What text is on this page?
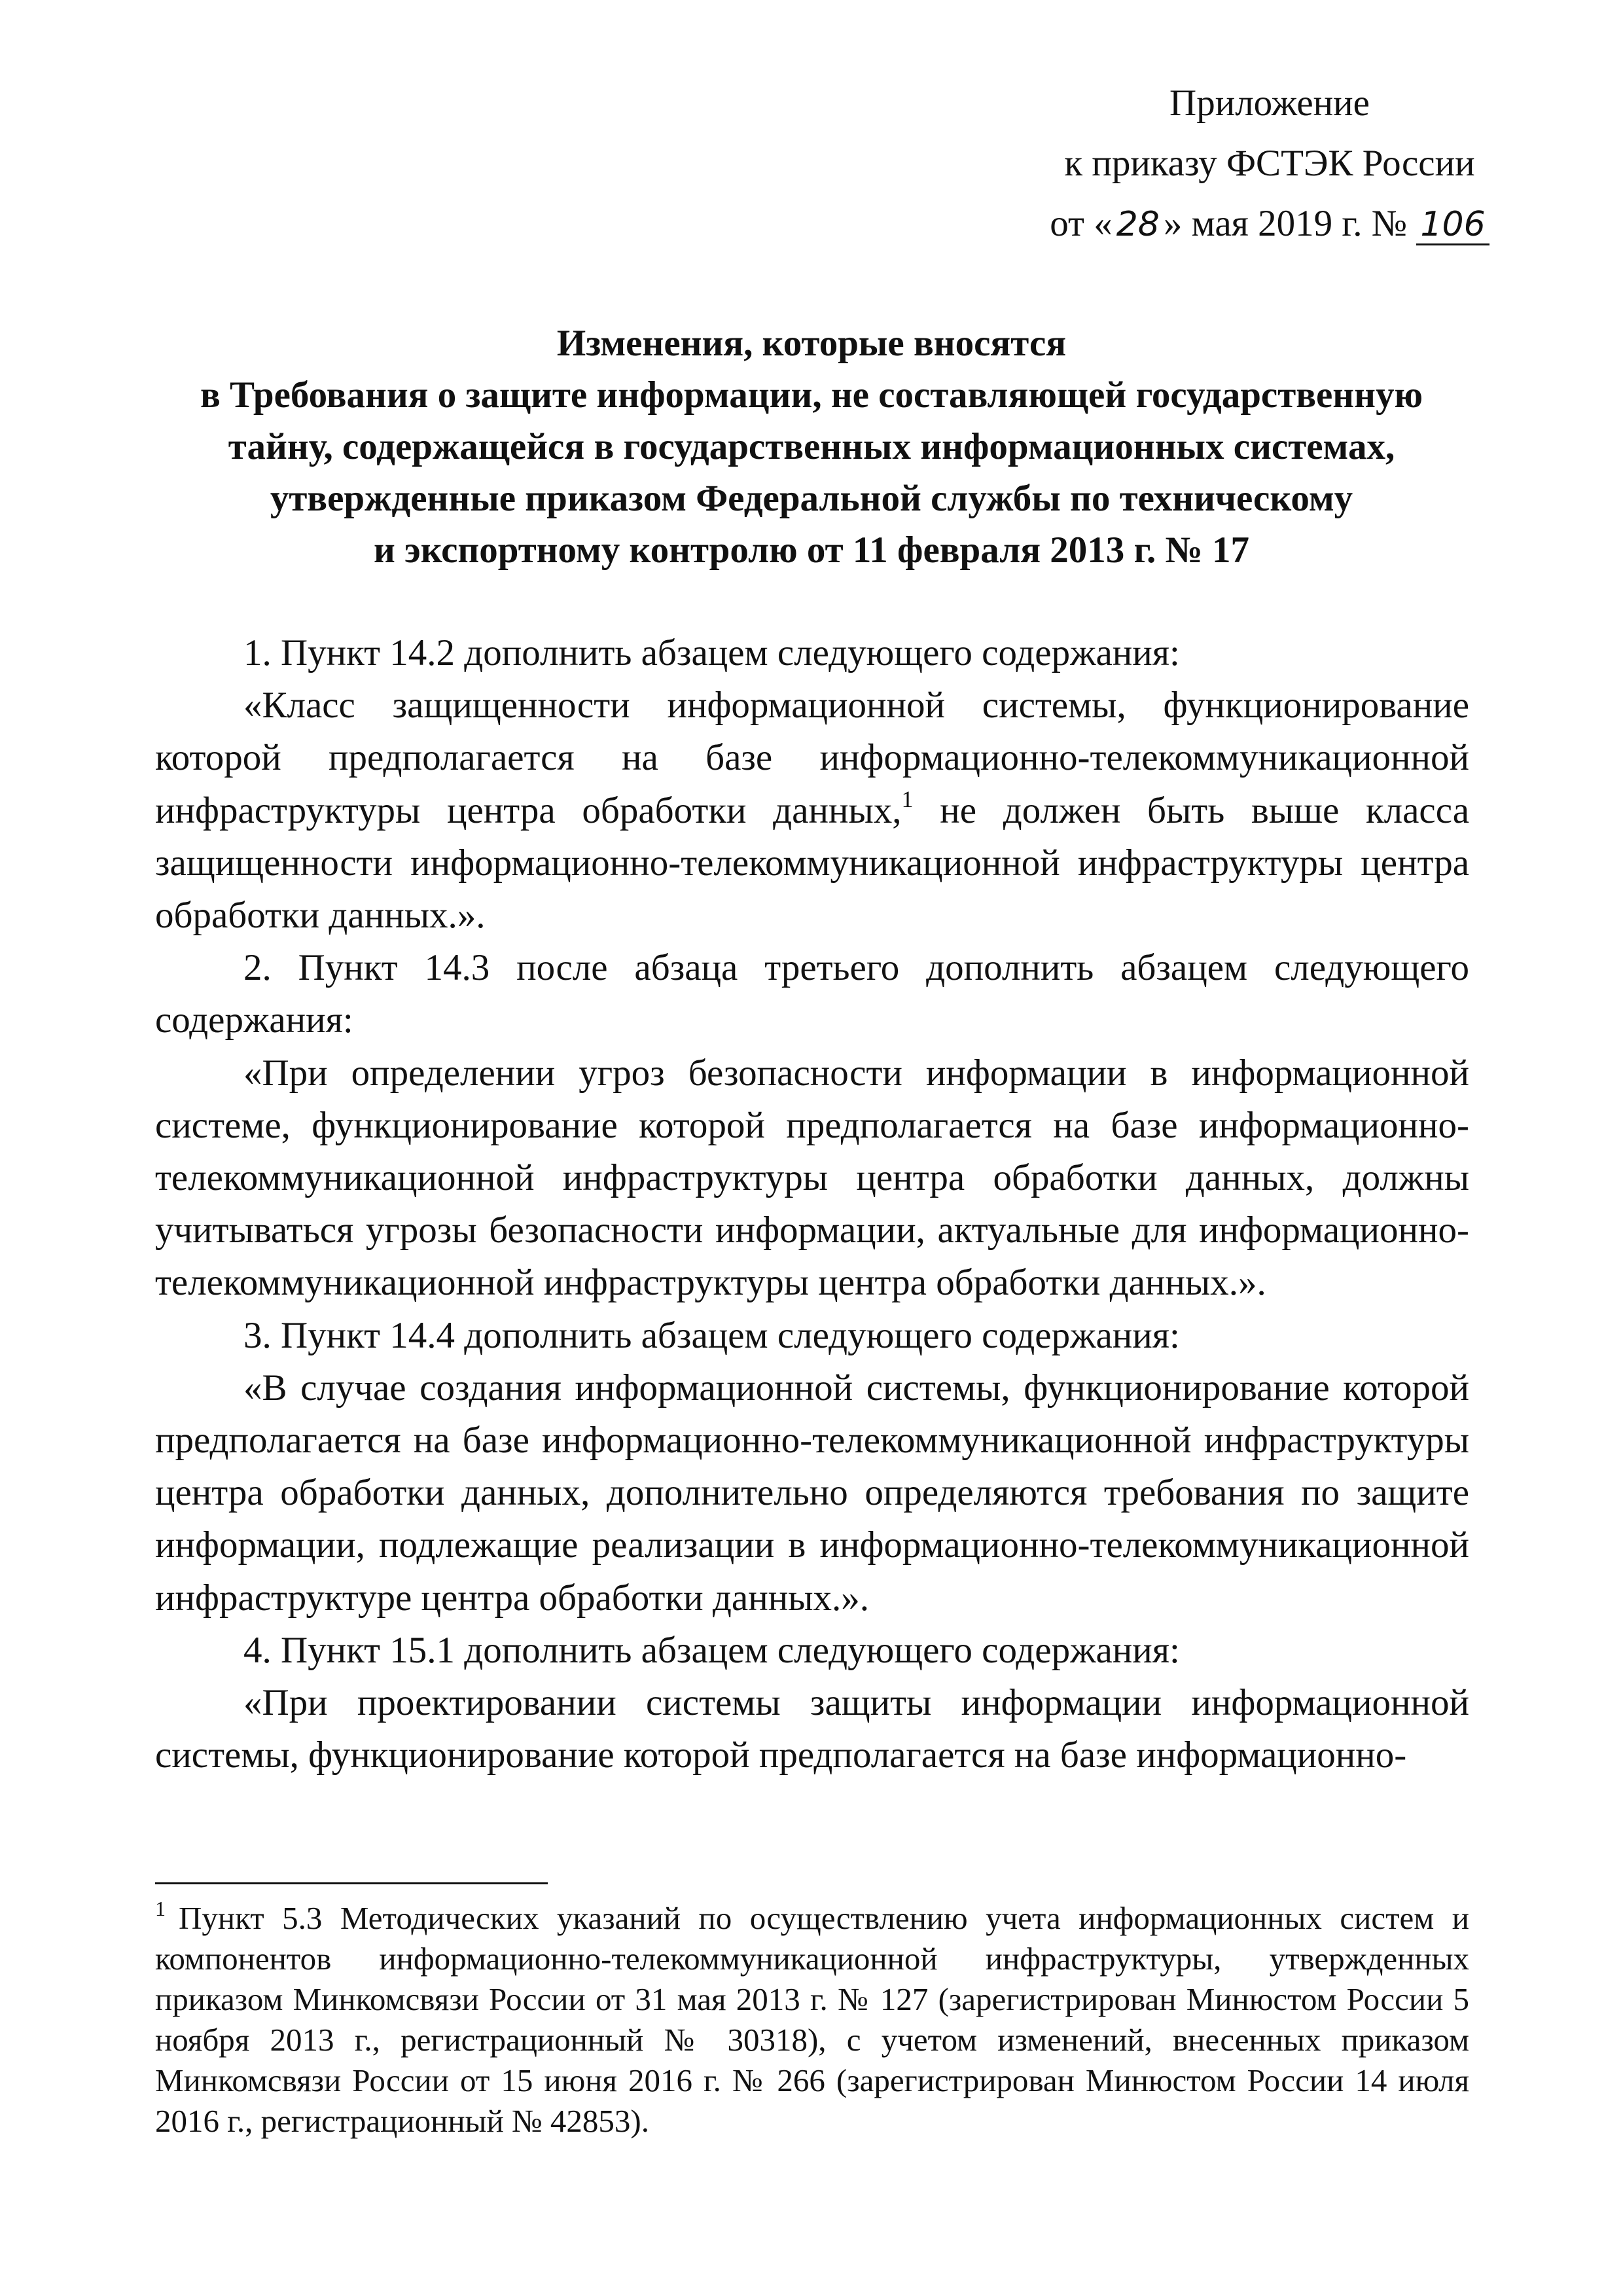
Приложение
к приказу ФСТЭК России
от « 28 » мая 2019 г. № 106
Изменения, которые вносятся
в Требования о защите информации, не составляющей государственную
тайну, содержащейся в государственных информационных системах,
утвержденные приказом Федеральной службы по техническому
и экспортному контролю от 11 февраля 2013 г. № 17

1. Пункт 14.2 дополнить абзацем следующего содержания:

«Класс защищенности информационной системы, функционирование которой предполагается на базе информационно-телекоммуникационной инфраструктуры центра обработки данных,$^1$ не должен быть выше класса защищенности информационно-телекоммуникационной инфраструктуры центра обработки данных.».

2. Пункт 14.3 после абзаца третьего дополнить абзацем следующего содержания:

«При определении угроз безопасности информации в информационной системе, функционирование которой предполагается на базе информационно-телекоммуникационной инфраструктуры центра обработки данных, должны учитываться угрозы безопасности информации, актуальные для информационно-телекоммуникационной инфраструктуры центра обработки данных.».

3. Пункт 14.4 дополнить абзацем следующего содержания:

«В случае создания информационной системы, функционирование которой предполагается на базе информационно-телекоммуникационной инфраструктуры центра обработки данных, дополнительно определяются требования по защите информации, подлежащие реализации в информационно-телекоммуникационной инфраструктуре центра обработки данных.».

4. Пункт 15.1 дополнить абзацем следующего содержания:

«При проектировании системы защиты информации информационной системы, функционирование которой предполагается на базе информационно-

$^1$ Пункт 5.3 Методических указаний по осуществлению учета информационных систем и компонентов информационно-телекоммуникационной инфраструктуры, утвержденных приказом Минкомсвязи России от 31 мая 2013 г. № 127 (зарегистрирован Минюстом России 5 ноября 2013 г., регистрационный № 30318), с учетом изменений, внесенных приказом Минкомсвязи России от 15 июня 2016 г. № 266 (зарегистрирован Минюстом России 14 июля 2016 г., регистрационный № 42853).
